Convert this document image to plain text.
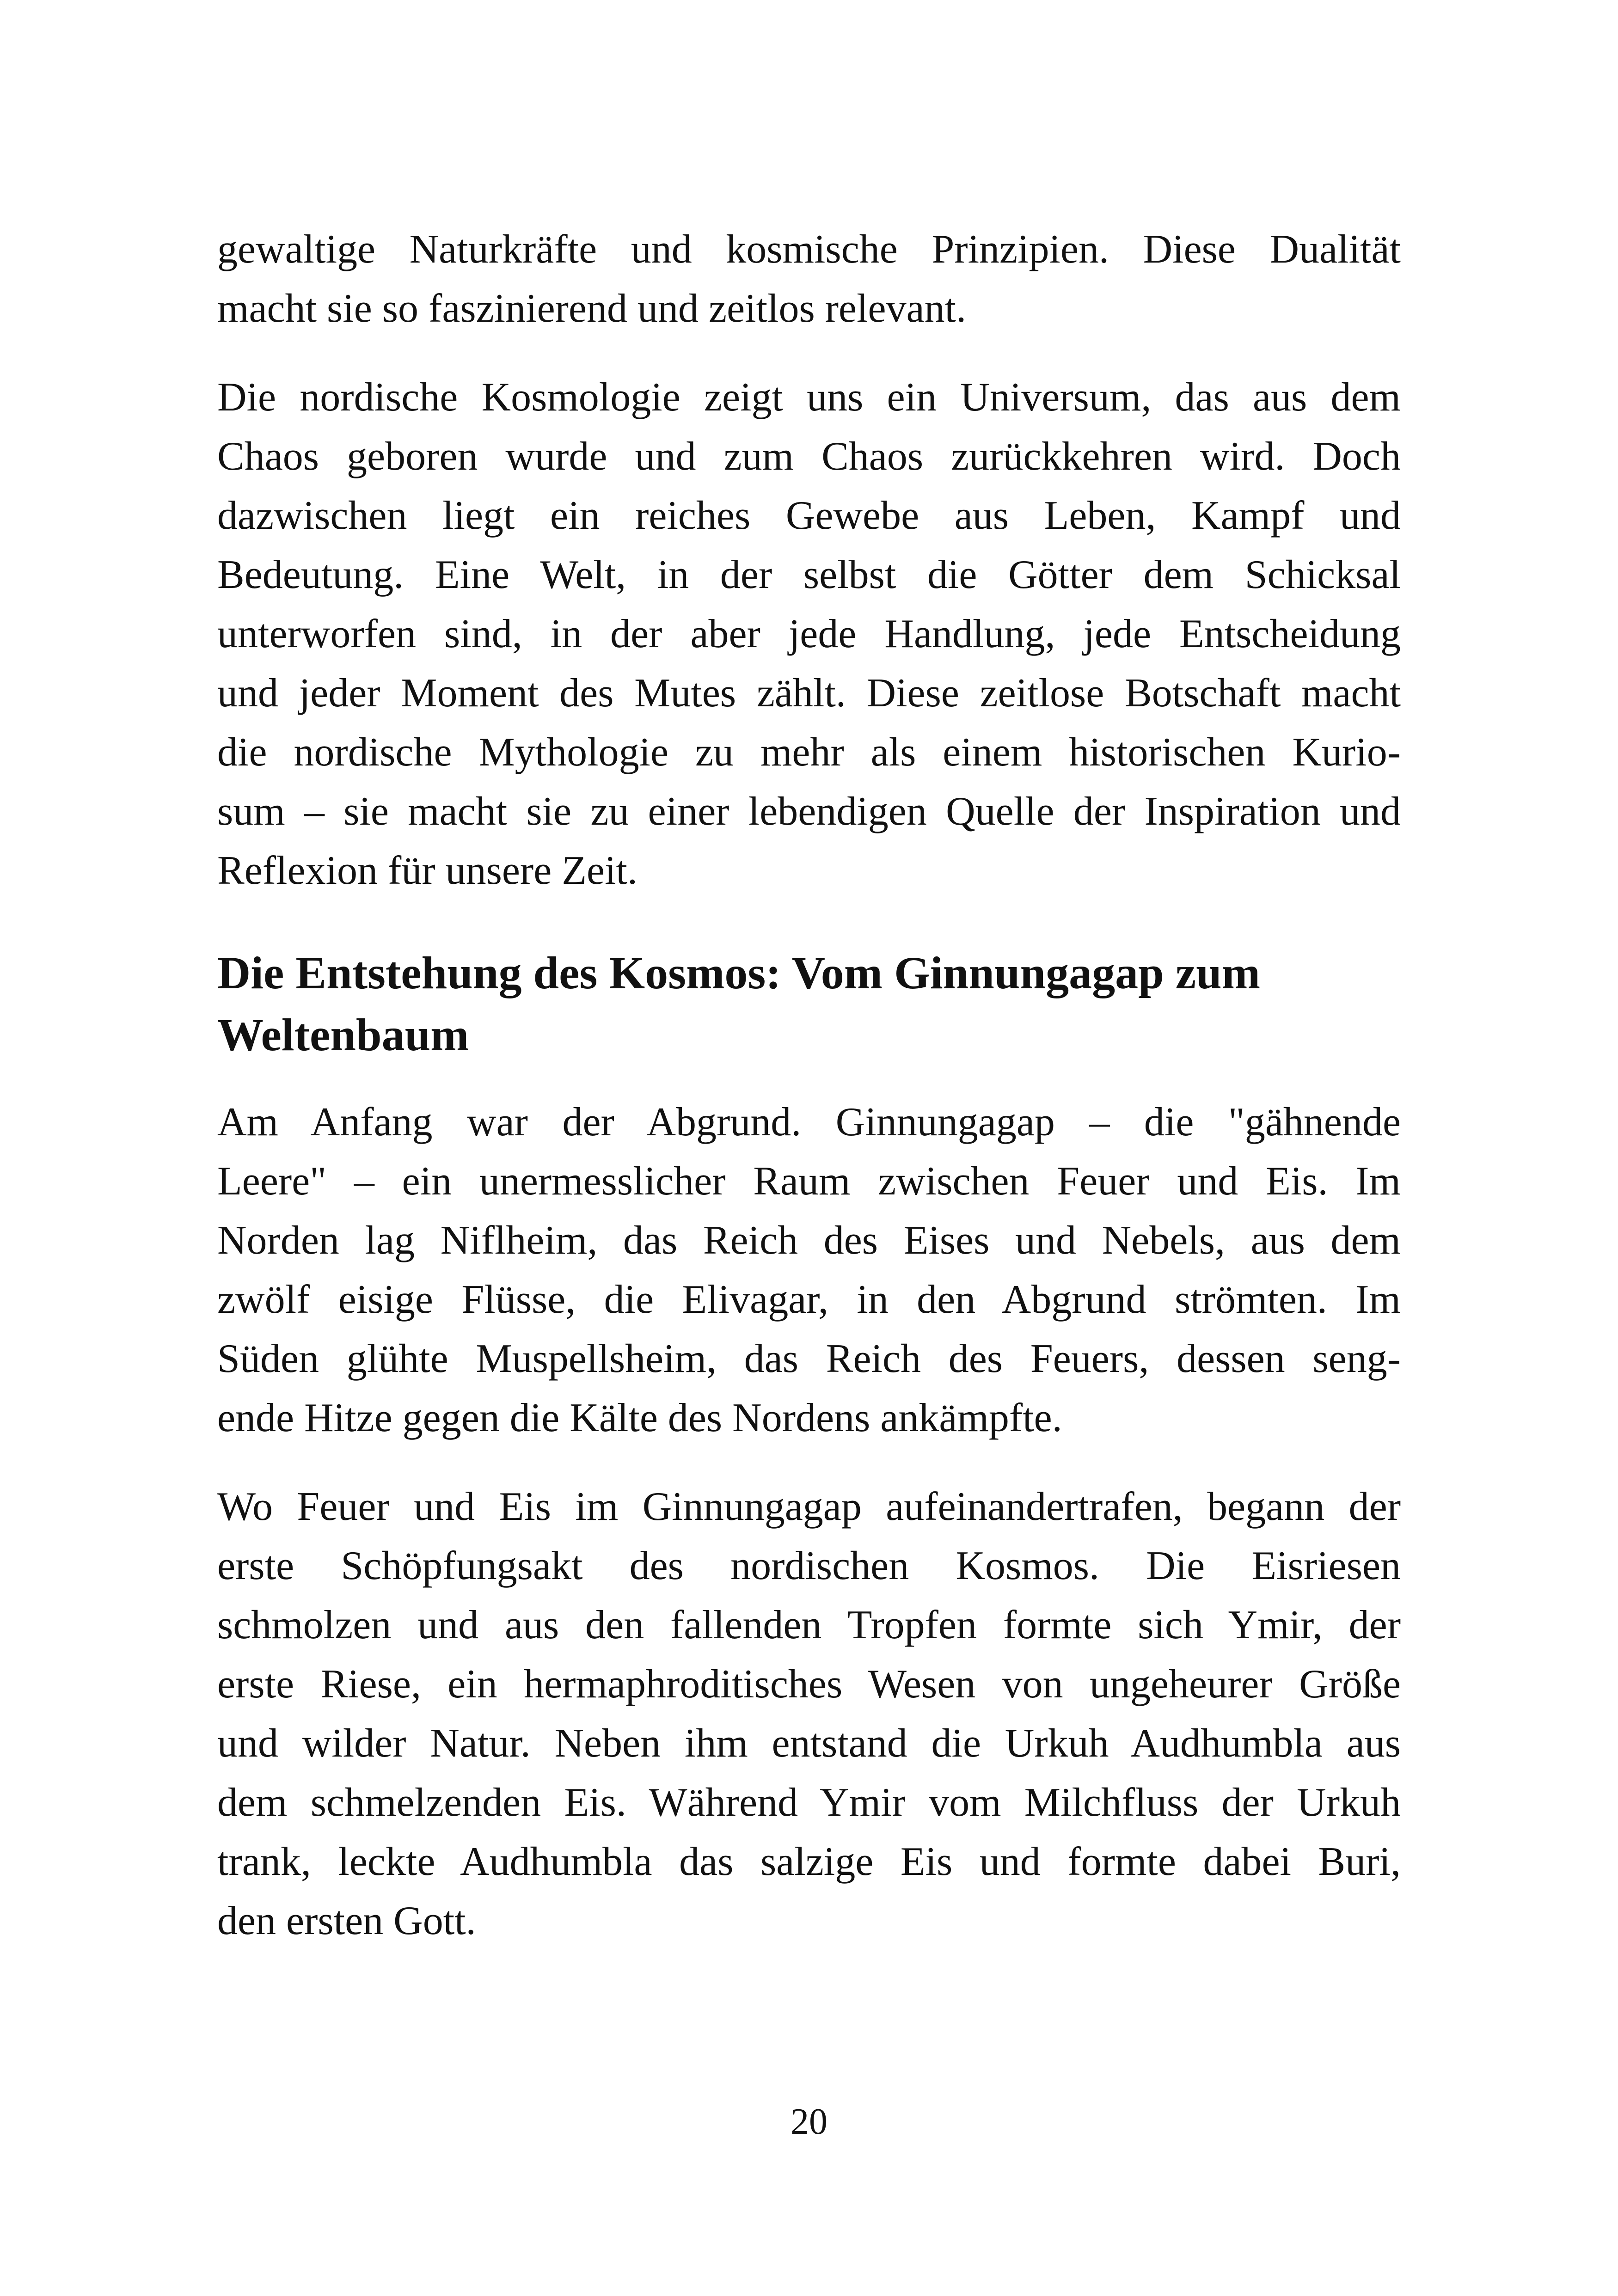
gewaltige Naturkräfte und kosmische Prinzipien. Diese Dualität
macht sie so faszinierend und zeitlos relevant.
Die nordische Kosmologie zeigt uns ein Universum, das aus dem
Chaos geboren wurde und zum Chaos zurückkehren wird. Doch
dazwischen liegt ein reiches Gewebe aus Leben, Kampf und
Bedeutung. Eine Welt, in der selbst die Götter dem Schicksal
unterworfen sind, in der aber jede Handlung, jede Entscheidung
und jeder Moment des Mutes zählt. Diese zeitlose Botschaft macht
die nordische Mythologie zu mehr als einem historischen Kurio-
sum – sie macht sie zu einer lebendigen Quelle der Inspiration und
Reflexion für unsere Zeit.
Die Entstehung des Kosmos: Vom Ginnungagap zum
Weltenbaum
Am Anfang war der Abgrund. Ginnungagap – die "gähnende
Leere" – ein unermesslicher Raum zwischen Feuer und Eis. Im
Norden lag Niflheim, das Reich des Eises und Nebels, aus dem
zwölf eisige Flüsse, die Elivagar, in den Abgrund strömten. Im
Süden glühte Muspellsheim, das Reich des Feuers, dessen seng-
ende Hitze gegen die Kälte des Nordens ankämpfte.
Wo Feuer und Eis im Ginnungagap aufeinandertrafen, begann der
erste Schöpfungsakt des nordischen Kosmos. Die Eisriesen
schmolzen und aus den fallenden Tropfen formte sich Ymir, der
erste Riese, ein hermaphroditisches Wesen von ungeheurer Größe
und wilder Natur. Neben ihm entstand die Urkuh Audhumbla aus
dem schmelzenden Eis. Während Ymir vom Milchfluss der Urkuh
trank, leckte Audhumbla das salzige Eis und formte dabei Buri,
den ersten Gott.
20
